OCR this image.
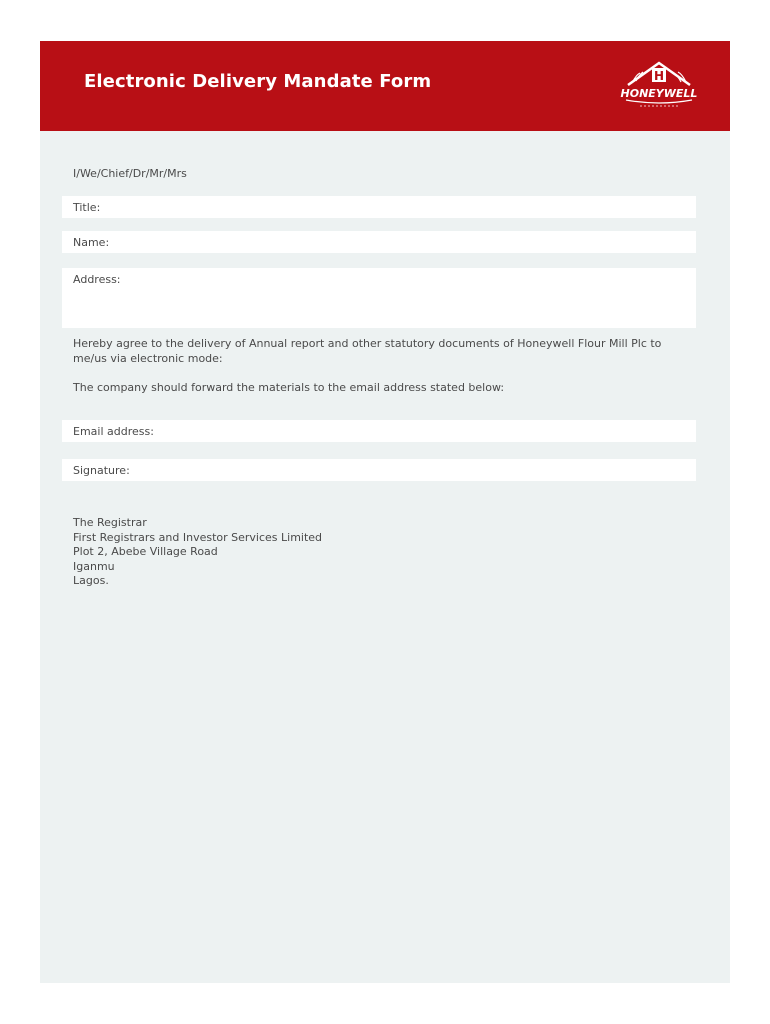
Electronic Delivery Mandate Form	H
HONEYWELL
I/We/Chief/Dr/Mr/Mrs
Title:
Name:
Address:
Hereby agree to the delivery of Annual report and other statutory documents of Honeywell Flour Mill Plc to me/us via electronic mode:
The company should forward the materials to the email address stated below:
Email address:
Signature:
The Registrar
First Registrars and Investor Services Limited
Plot 2, Abebe Village Road
Iganmu
Lagos.
